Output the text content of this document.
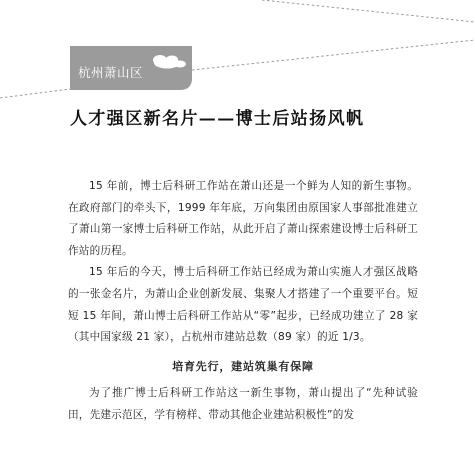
杭州萧山区
人才强区新名片——博士后站扬风帆

15 年前，博士后科研工作站在萧山还是一个鲜为人知的新生事物。在政府部门的牵头下，1999 年年底，万向集团由原国家人事部批准建立了萧山第一家博士后科研工作站，从此开启了萧山探索建设博士后科研工作站的历程。

15 年后的今天，博士后科研工作站已经成为萧山实施人才强区战略的一张金名片，为萧山企业创新发展、集聚人才搭建了一个重要平台。短短 15 年间，萧山博士后科研工作站从“零”起步，已经成功建立了 28 家（其中国家级 21 家），占杭州市建站总数（89 家）的近 1/3。

培育先行，建站筑巢有保障

为了推广博士后科研工作站这一新生事物，萧山提出了“先种试验田，先建示范区，学有榜样、带动其他企业建站积极性”的发
